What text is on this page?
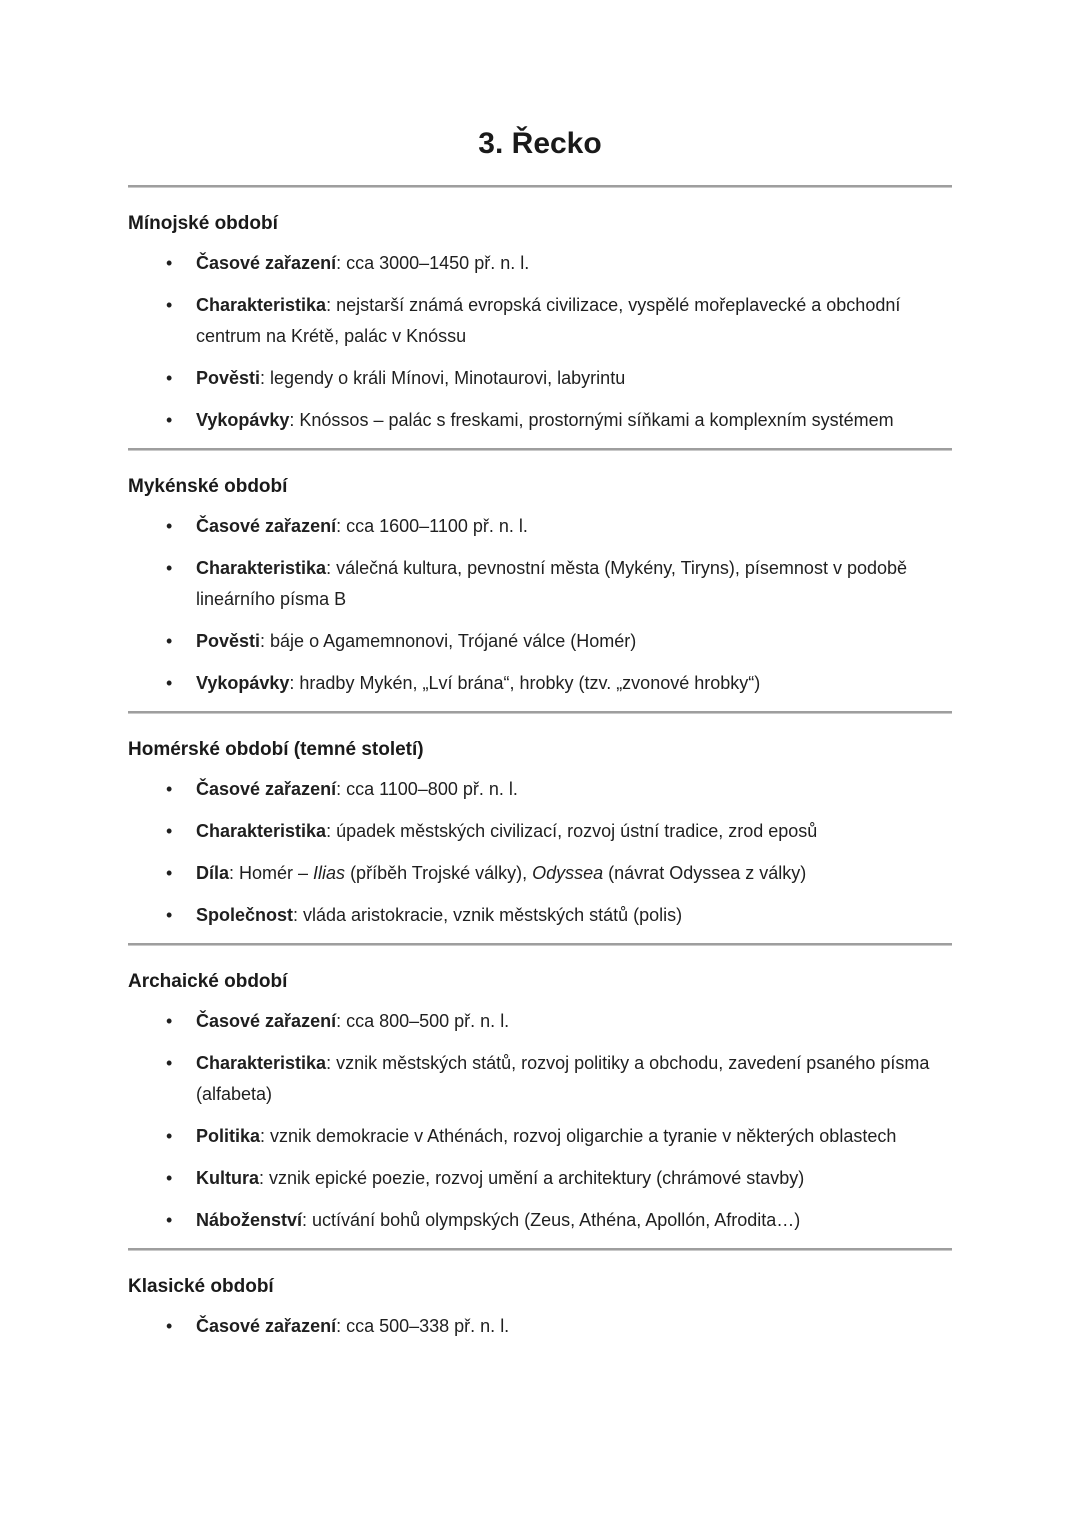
3. Řecko
Mínojské období
• Časové zařazení: cca 3000–1450 př. n. l.
• Charakteristika: nejstarší známá evropská civilizace, vyspělé mořeplavecké a obchodní centrum na Krétě, palác v Knóssu
• Pověsti: legendy o králi Mínovi, Minotaurovi, labyrintu
• Vykopávky: Knóssos – palác s freskami, prostornými síňkami a komplexním systémem
Mykénské období
• Časové zařazení: cca 1600–1100 př. n. l.
• Charakteristika: válečná kultura, pevnostní města (Mykény, Tiryns), písemnost v podobě lineárního písma B
• Pověsti: báje o Agamemnonovi, Trójané válce (Homér)
• Vykopávky: hradby Mykén, „Lví brána“, hrobky (tzv. „zvonové hrobky“)
Homérské období (temné století)
• Časové zařazení: cca 1100–800 př. n. l.
• Charakteristika: úpadek městských civilizací, rozvoj ústní tradice, zrod eposů
• Díla: Homér – Ilias (příběh Trojské války), Odyssea (návrat Odyssea z války)
• Společnost: vláda aristokracie, vznik městských států (polis)
Archaické období
• Časové zařazení: cca 800–500 př. n. l.
• Charakteristika: vznik městských států, rozvoj politiky a obchodu, zavedení psaného písma (alfabeta)
• Politika: vznik demokracie v Athénách, rozvoj oligarchie a tyranie v některých oblastech
• Kultura: vznik epické poezie, rozvoj umění a architektury (chrámové stavby)
• Náboženství: uctívání bohů olympských (Zeus, Athéna, Apollón, Afrodita…)
Klasické období
• Časové zařazení: cca 500–338 př. n. l.
